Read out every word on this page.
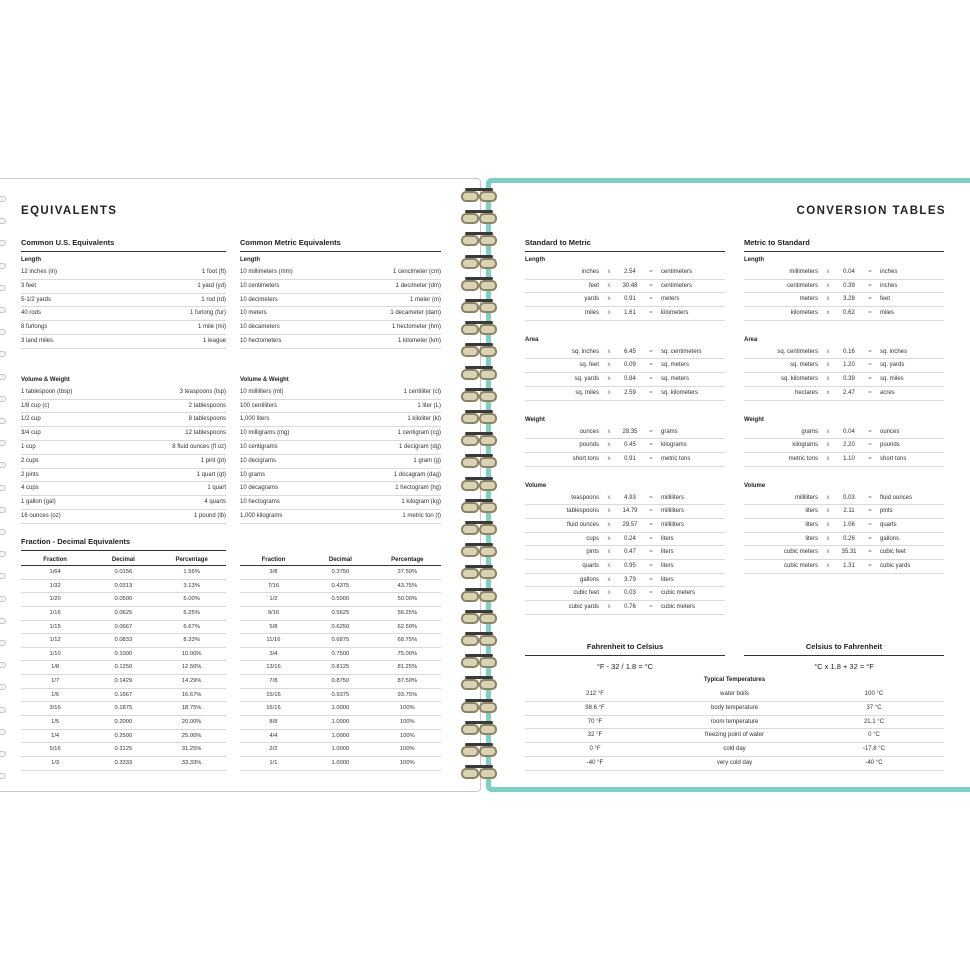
EQUIVALENTS	CONVERSION TABLES
Common U.S. Equivalents
Length
12 inches (in)	1 foot (ft)
3 feet	1 yard (yd)
5-1/2 yards	1 rod (rd)
40 rods	1 furlong (fur)
8 furlongs	1 mile (mi)
3 land miles	1 league
Volume & Weight
1 tablespoon (tbsp)	3 teaspoons (tsp)
1/8 cup (c)	2 tablespoons
1/2 cup	8 tablespoons
3/4 cup	12 tablespoons
1 cup	8 fluid ounces (fl oz)
2 cups	1 pint (pt)
2 pints	1 quart (qt)
4 cups	1 quart
1 gallon (gal)	4 quarts
16 ounces (oz)	1 pound (lb)
Common Metric Equivalents
Length
10 millimeters (mm)	1 cencimeter (cm)
10 centimeters	1 decimeter (dm)
10 decimeters	1 meter (m)
10 meters	1 decameter (dam)
10 decameters	1 hectometer (hm)
10 hectometers	1 kilometer (km)
Volume & Weight
10 milliliters (ml)	1 centiliter (cl)
100 centiliters	1 liter (L)
1,000 liters	1 kiloliter (kl)
10 milligrams (mg)	1 centigram (cg)
10 centigrams	1 decigram (dg)
10 decigrams	1 gram (g)
10 grams	1 docagram (dag)
10 decagrams	1 hectogram (hg)
10 hectograms	1 kilogram (kg)
1,000 kilograms	1 metric ton (t)
Fraction - Decimal Equivalents
Fraction	Decimal	Percentage
1/64	0.0156	1.56%
1/32	0.0313	3.13%
1/20	0.0500	5.00%
1/16	0.0625	6.25%
1/15	0.0667	6.67%
1/12	0.0833	8.33%
1/10	0.1000	10.00%
1/8	0.1250	12.50%
1/7	0.1429	14.29%
1/6	0.1667	16.67%
3/16	0.1875	18.75%
1/5	0.2000	20.00%
1/4	0.2500	25.00%
5/16	0.3125	31.25%
1/3	0.3333	33.33%
Fraction	Decimal	Percentage
3/8	0.3750	37.50%
7/16	0.4375	43.75%
1/2	0.5000	50.00%
9/16	0.5625	56.25%
5/8	0.6250	62.50%
11/16	0.6875	68.75%
3/4	0.7500	75.00%
13/16	0.8125	81.25%
7/8	0.8750	87.50%
15/16	0.9375	93.75%
16/16	1.0000	100%
8/8	1.0000	100%
4/4	1.0000	100%
2/2	1.0000	100%
1/1	1.0000	100%
Standard to Metric
Length
inches	x	2.54	=	centimeters
feet	x	30.48	=	centimeters
yards	x	0.91	=	meters
miles	x	1.61	=	kilometers
Area
sq. inches	x	6.45	=	sq. centimeters
sq. feet	x	0.09	=	sq. meters
sq. yards	x	0.84	=	sq. meters
sq. miles	x	2.59	=	sq. kilometers
Weight
ounces	x	28.35	=	grams
pounds	x	0.45	=	kilograms
short tons	x	0.91	=	metric tons
Volume
teaspoons	x	4.93	=	milliliters
tablespoons	x	14.79	=	milliliters
fluid ounces	x	29.57	=	milliliters
cups	x	0.24	=	liters
pints	x	0.47	=	liters
quarts	x	0.95	=	liters
gallons	x	3.79	=	liters
cubic feet	x	0.03	=	cubic meters
cubic yards	x	0.76	=	cubic meters
Metric to Standard
Length
millimeters	x	0.04	=	inches
centimeters	x	0.39	=	inches
meters	x	3.28	=	feet
kilometers	x	0.62	=	miles
Area
sq. centimeters	x	0.16	=	sq. inches
sq. meters	x	1.20	=	sq. yards
sq. kilometers	x	0.39	=	sq. miles
hectares	x	2.47	=	acres
Weight
grams	x	0.04	=	ounces
kilograms	x	2.20	=	pounds
metric tons	x	1.10	=	short tons
Volume
milliliters	x	0.03	=	fluid ounces
liters	x	2.11	=	pints
liters	x	1.06	=	quarts
liters	x	0.26	=	gallons
cubic meters	x	35.31	=	cubic feet
cubic meters	x	1.31	=	cubic yards
Fahrenheit to Celsius
°F - 32 / 1.8 = °C
Celsius to Fahrenheit
°C x 1.8 + 32 = °F
Typical Temperatures
212 °F	water boils	100 °C
98.6 °F	body temperature	37 °C
70 °F	room temperature	21.1 °C
32 °F	freezing point of water	0 °C
0 °F	cold day	-17.8 °C
-40 °F	very cold day	-40 °C
